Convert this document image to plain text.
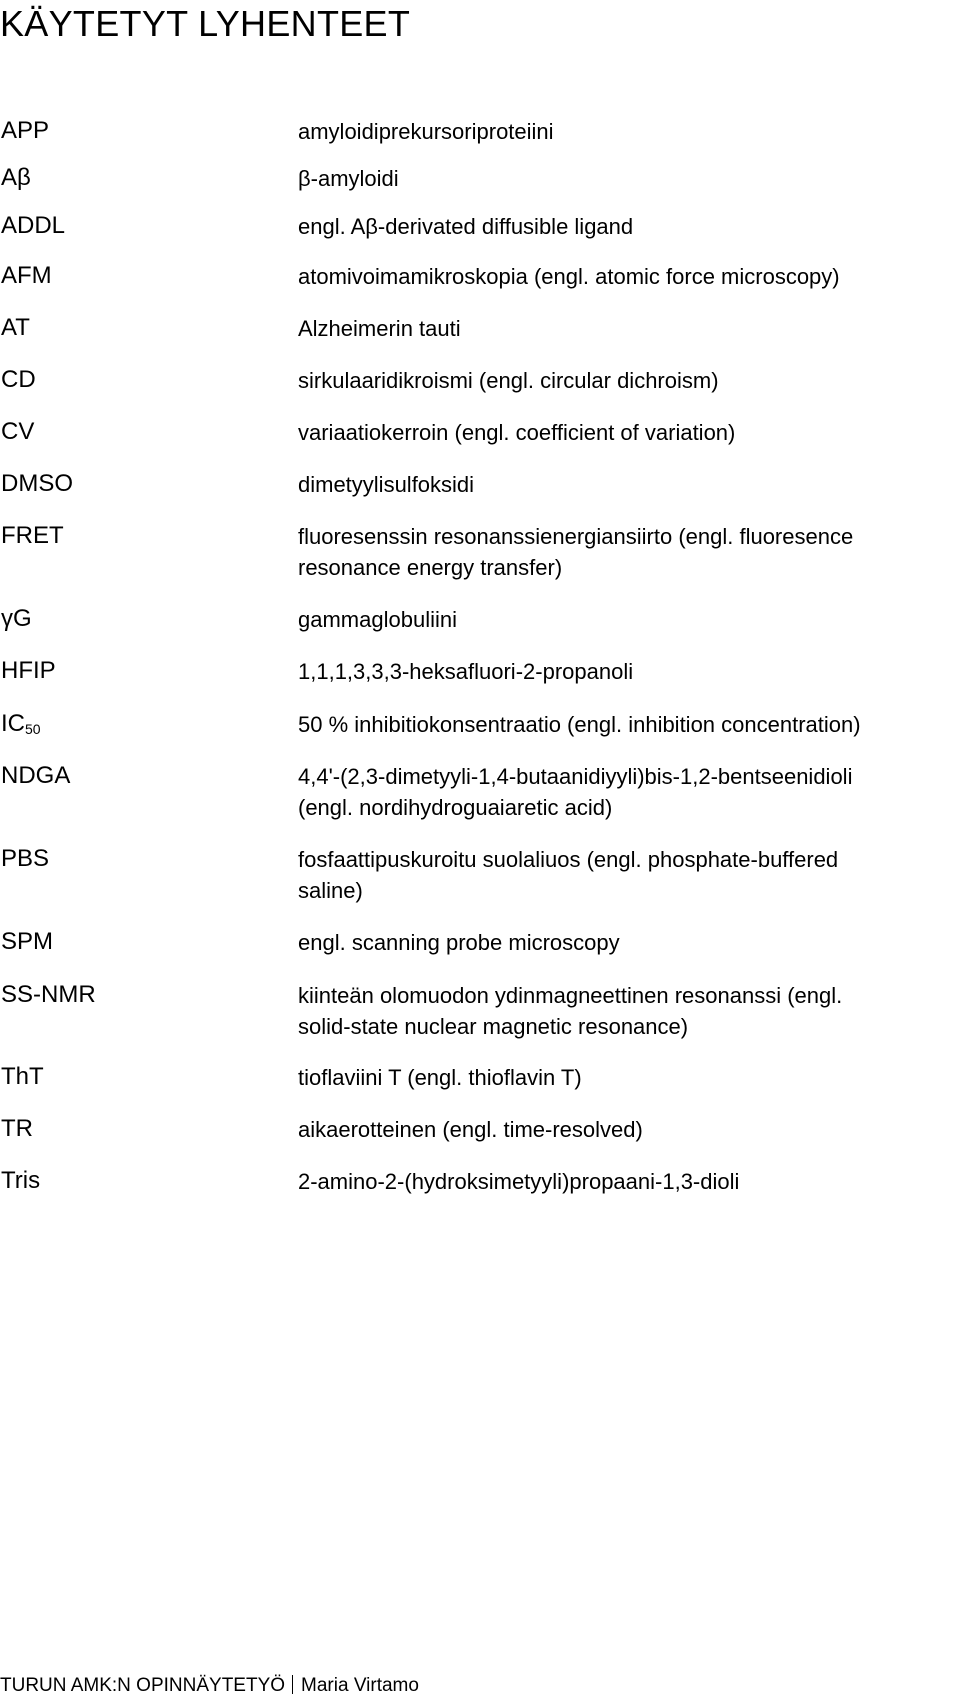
KÄYTETYT LYHENTEET
APP	amyloidiprekursoriproteiini
Aβ	β-amyloidi
ADDL	engl. Aβ-derivated diffusible ligand
AFM	atomivoimamikroskopia (engl. atomic force microscopy)
AT	Alzheimerin tauti
CD	sirkulaaridikroismi (engl. circular dichroism)
CV	variaatiokerroin (engl. coefficient of variation)
DMSO	dimetyylisulfoksidi
FRET	fluoresenssin resonanssienergiansiirto (engl. fluoresence
resonance energy transfer)
γG	gammaglobuliini
HFIP	1,1,1,3,3,3-heksafluori-2-propanoli
$IC_{50}$	50 % inhibitiokonsentraatio (engl. inhibition concentration)
NDGA	4,4'-(2,3-dimetyyli-1,4-butaanidiyyli)bis-1,2-bentseenidioli
(engl. nordihydroguaiaretic acid)
PBS	fosfaattipuskuroitu suolaliuos (engl. phosphate-buffered
saline)
SPM	engl. scanning probe microscopy
SS-NMR	kiinteän olomuodon ydinmagneettinen resonanssi (engl.
solid-state nuclear magnetic resonance)
ThT	tioflaviini T (engl. thioflavin T)
TR	aikaerotteinen (engl. time-resolved)
Tris	2-amino-2-(hydroksimetyyli)propaani-1,3-dioli
TURUN AMK:N OPINNÄYTETYÖ Maria Virtamo
